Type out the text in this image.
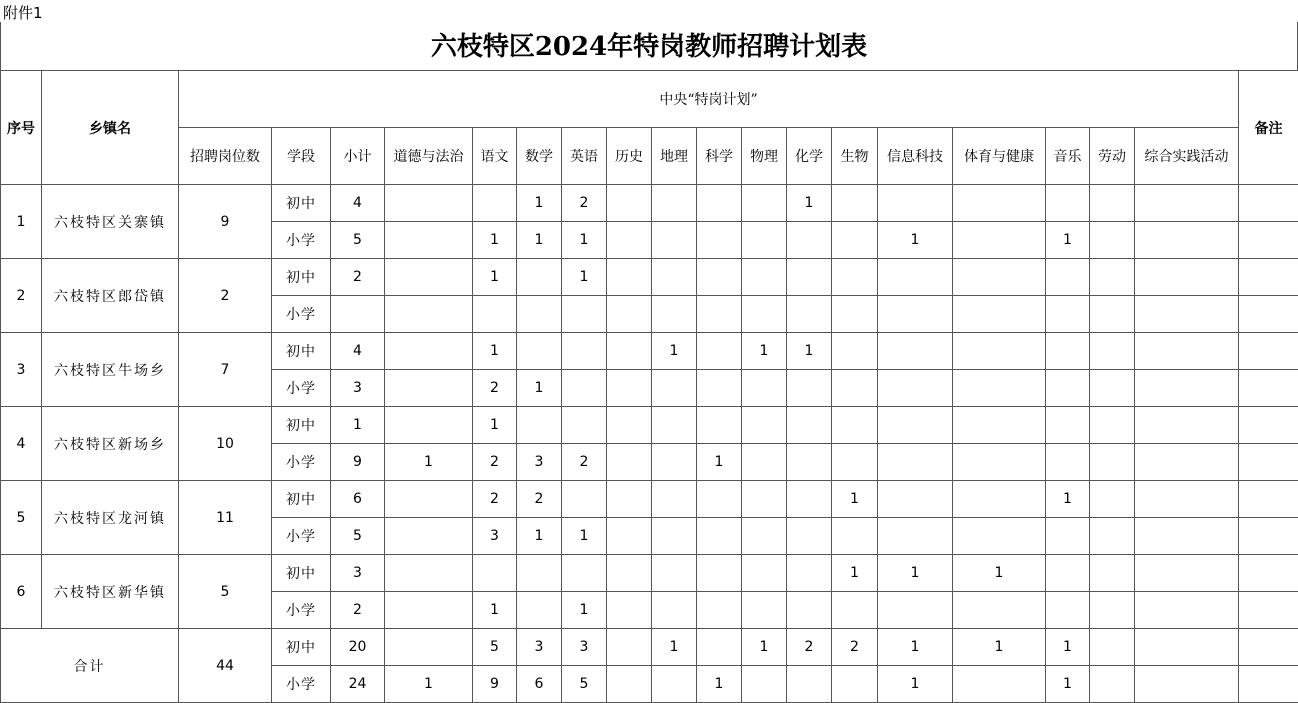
附件1
六枝特区2024年特岗教师招聘计划表
序号	乡镇名	中央“特岗计划”																		备注
		招聘岗位数	学段	小计	道德与法治	语文	数学	英语	历史	地理	科学	物理	化学	生物	信息科技	体育与健康	音乐	劳动	综合实践活动	
1	六枝特区关寨镇	9	初中	4			1	2					1							
			小学	5		1	1	1							1		1			
2	六枝特区郎岱镇	2	初中	2		1		1												
			小学																	
3	六枝特区牛场乡	7	初中	4		1				1		1	1							
			小学	3		2	1													
4	六枝特区新场乡	10	初中	1		1														
			小学	9	1	2	3	2			1									
5	六枝特区龙河镇	11	初中	6		2	2							1			1			
			小学	5		3	1	1												
6	六枝特区新华镇	5	初中	3										1	1	1				
			小学	2		1		1												
合计		44	初中	20		5	3	3		1		1	2	2	1	1	1			
			小学	24	1	9	6	5			1				1		1			
